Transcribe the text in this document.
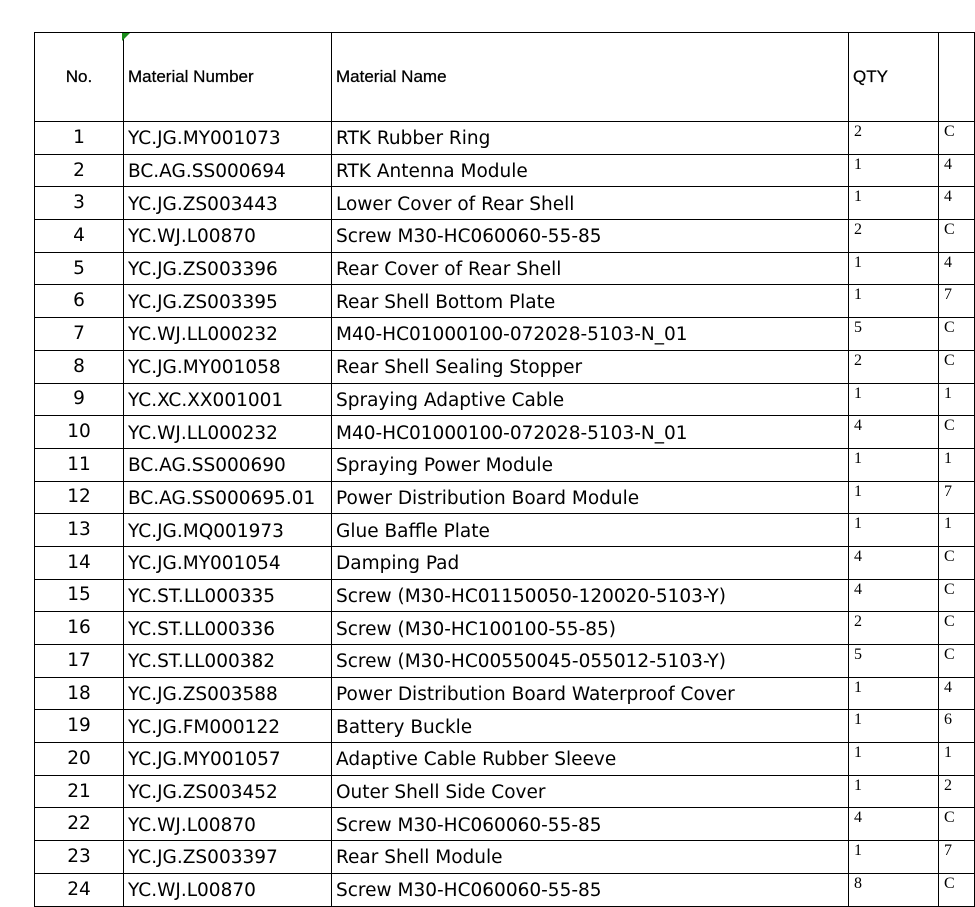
No.	Material Number	Material Name	QTY	
1	YC.JG.MY001073	RTK Rubber Ring	2	C
2	BC.AG.SS000694	RTK Antenna Module	1	4
3	YC.JG.ZS003443	Lower Cover of Rear Shell	1	4
4	YC.WJ.L00870	Screw M30-HC060060-55-85	2	C
5	YC.JG.ZS003396	Rear Cover of Rear Shell	1	4
6	YC.JG.ZS003395	Rear Shell Bottom Plate	1	7
7	YC.WJ.LL000232	M40-HC01000100-072028-5103-N_01	5	C
8	YC.JG.MY001058	Rear Shell Sealing Stopper	2	C
9	YC.XC.XX001001	Spraying Adaptive Cable	1	1
10	YC.WJ.LL000232	M40-HC01000100-072028-5103-N_01	4	C
11	BC.AG.SS000690	Spraying Power Module	1	1
12	BC.AG.SS000695.01	Power Distribution Board Module	1	7
13	YC.JG.MQ001973	Glue Baffle Plate	1	1
14	YC.JG.MY001054	Damping Pad	4	C
15	YC.ST.LL000335	Screw (M30-HC01150050-120020-5103-Y)	4	C
16	YC.ST.LL000336	Screw (M30-HC100100-55-85)	2	C
17	YC.ST.LL000382	Screw (M30-HC00550045-055012-5103-Y)	5	C
18	YC.JG.ZS003588	Power Distribution Board Waterproof Cover	1	4
19	YC.JG.FM000122	Battery Buckle	1	6
20	YC.JG.MY001057	Adaptive Cable Rubber Sleeve	1	1
21	YC.JG.ZS003452	Outer Shell Side Cover	1	2
22	YC.WJ.L00870	Screw M30-HC060060-55-85	4	C
23	YC.JG.ZS003397	Rear Shell Module	1	7
24	YC.WJ.L00870	Screw M30-HC060060-55-85	8	C
